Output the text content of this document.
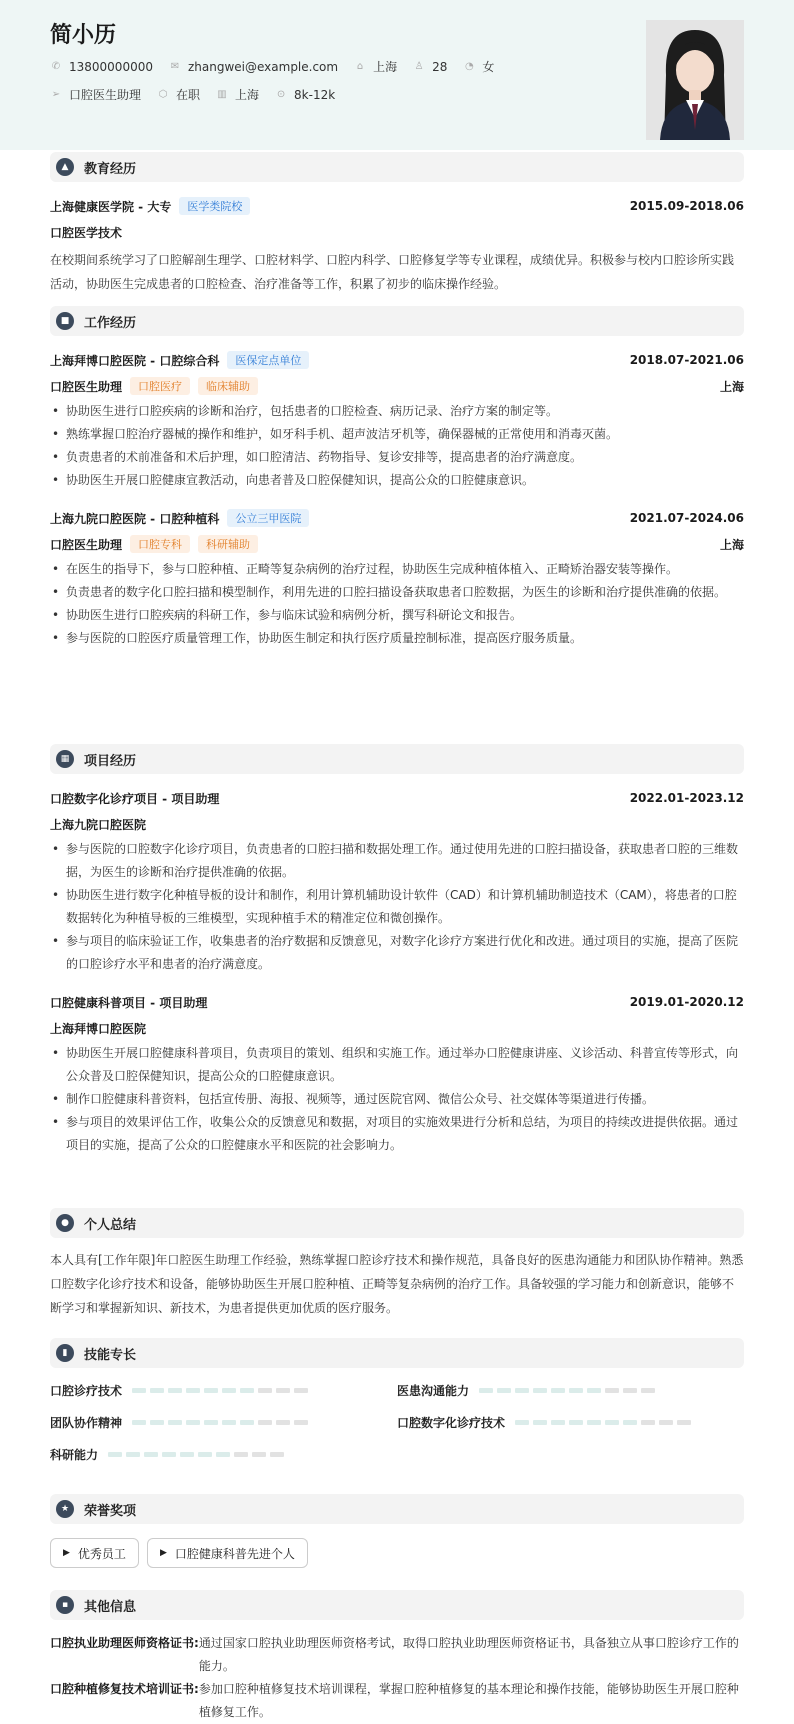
简小历
✆ 13800000000 ✉ zhangwei@example.com ⌂ 上海 ♙ 28 ◔ 女
➢ 口腔医生助理 ⬡ 在职 ▥ 上海 ⊙ 8k-12k
▲	教育经历
上海健康医学院 - 大专	医学类院校	2015.09-2018.06
口腔医学技术
在校期间系统学习了口腔解剖生理学、口腔材料学、口腔内科学、口腔修复学等专业课程，成绩优异。积极参与校内口腔诊所实践活动，协助医生完成患者的口腔检查、治疗准备等工作，积累了初步的临床操作经验。
■	工作经历
上海拜博口腔医院 - 口腔综合科	医保定点单位	2018.07-2021.06
口腔医生助理	口腔医疗	临床辅助	上海
• 协助医生进行口腔疾病的诊断和治疗，包括患者的口腔检查、病历记录、治疗方案的制定等。
• 熟练掌握口腔治疗器械的操作和维护，如牙科手机、超声波洁牙机等，确保器械的正常使用和消毒灭菌。
• 负责患者的术前准备和术后护理，如口腔清洁、药物指导、复诊安排等，提高患者的治疗满意度。
• 协助医生开展口腔健康宣教活动，向患者普及口腔保健知识，提高公众的口腔健康意识。
上海九院口腔医院 - 口腔种植科	公立三甲医院	2021.07-2024.06
口腔医生助理	口腔专科	科研辅助	上海
• 在医生的指导下，参与口腔种植、正畸等复杂病例的治疗过程，协助医生完成种植体植入、正畸矫治器安装等操作。
• 负责患者的数字化口腔扫描和模型制作，利用先进的口腔扫描设备获取患者口腔数据，为医生的诊断和治疗提供准确的依据。
• 协助医生进行口腔疾病的科研工作，参与临床试验和病例分析，撰写科研论文和报告。
• 参与医院的口腔医疗质量管理工作，协助医生制定和执行医疗质量控制标准，提高医疗服务质量。
▦	项目经历
口腔数字化诊疗项目 - 项目助理	2022.01-2023.12
上海九院口腔医院
• 参与医院的口腔数字化诊疗项目，负责患者的口腔扫描和数据处理工作。通过使用先进的口腔扫描设备，获取患者口腔的三维数据，为医生的诊断和治疗提供准确的依据。
• 协助医生进行数字化种植导板的设计和制作，利用计算机辅助设计软件（CAD）和计算机辅助制造技术（CAM），将患者的口腔数据转化为种植导板的三维模型，实现种植手术的精准定位和微创操作。
• 参与项目的临床验证工作，收集患者的治疗数据和反馈意见，对数字化诊疗方案进行优化和改进。通过项目的实施，提高了医院的口腔诊疗水平和患者的治疗满意度。
口腔健康科普项目 - 项目助理	2019.01-2020.12
上海拜博口腔医院
• 协助医生开展口腔健康科普项目，负责项目的策划、组织和实施工作。通过举办口腔健康讲座、义诊活动、科普宣传等形式，向公众普及口腔保健知识，提高公众的口腔健康意识。
• 制作口腔健康科普资料，包括宣传册、海报、视频等，通过医院官网、微信公众号、社交媒体等渠道进行传播。
• 参与项目的效果评估工作，收集公众的反馈意见和数据，对项目的实施效果进行分析和总结，为项目的持续改进提供依据。通过项目的实施，提高了公众的口腔健康水平和医院的社会影响力。
●	个人总结
本人具有[工作年限]年口腔医生助理工作经验，熟练掌握口腔诊疗技术和操作规范，具备良好的医患沟通能力和团队协作精神。熟悉口腔数字化诊疗技术和设备，能够协助医生开展口腔种植、正畸等复杂病例的治疗工作。具备较强的学习能力和创新意识，能够不断学习和掌握新知识、新技术，为患者提供更加优质的医疗服务。
▮	技能专长
口腔诊疗技术	医患沟通能力
团队协作精神	口腔数字化诊疗技术
科研能力
★	荣誉奖项
▶ 优秀员工	▶ 口腔健康科普先进个人
▪	其他信息
口腔执业助理医师资格证书: 通过国家口腔执业助理医师资格考试，取得口腔执业助理医师资格证书，具备独立从事口腔诊疗工作的能力。
口腔种植修复技术培训证书: 参加口腔种植修复技术培训课程，掌握口腔种植修复的基本理论和操作技能，能够协助医生开展口腔种植修复工作。
